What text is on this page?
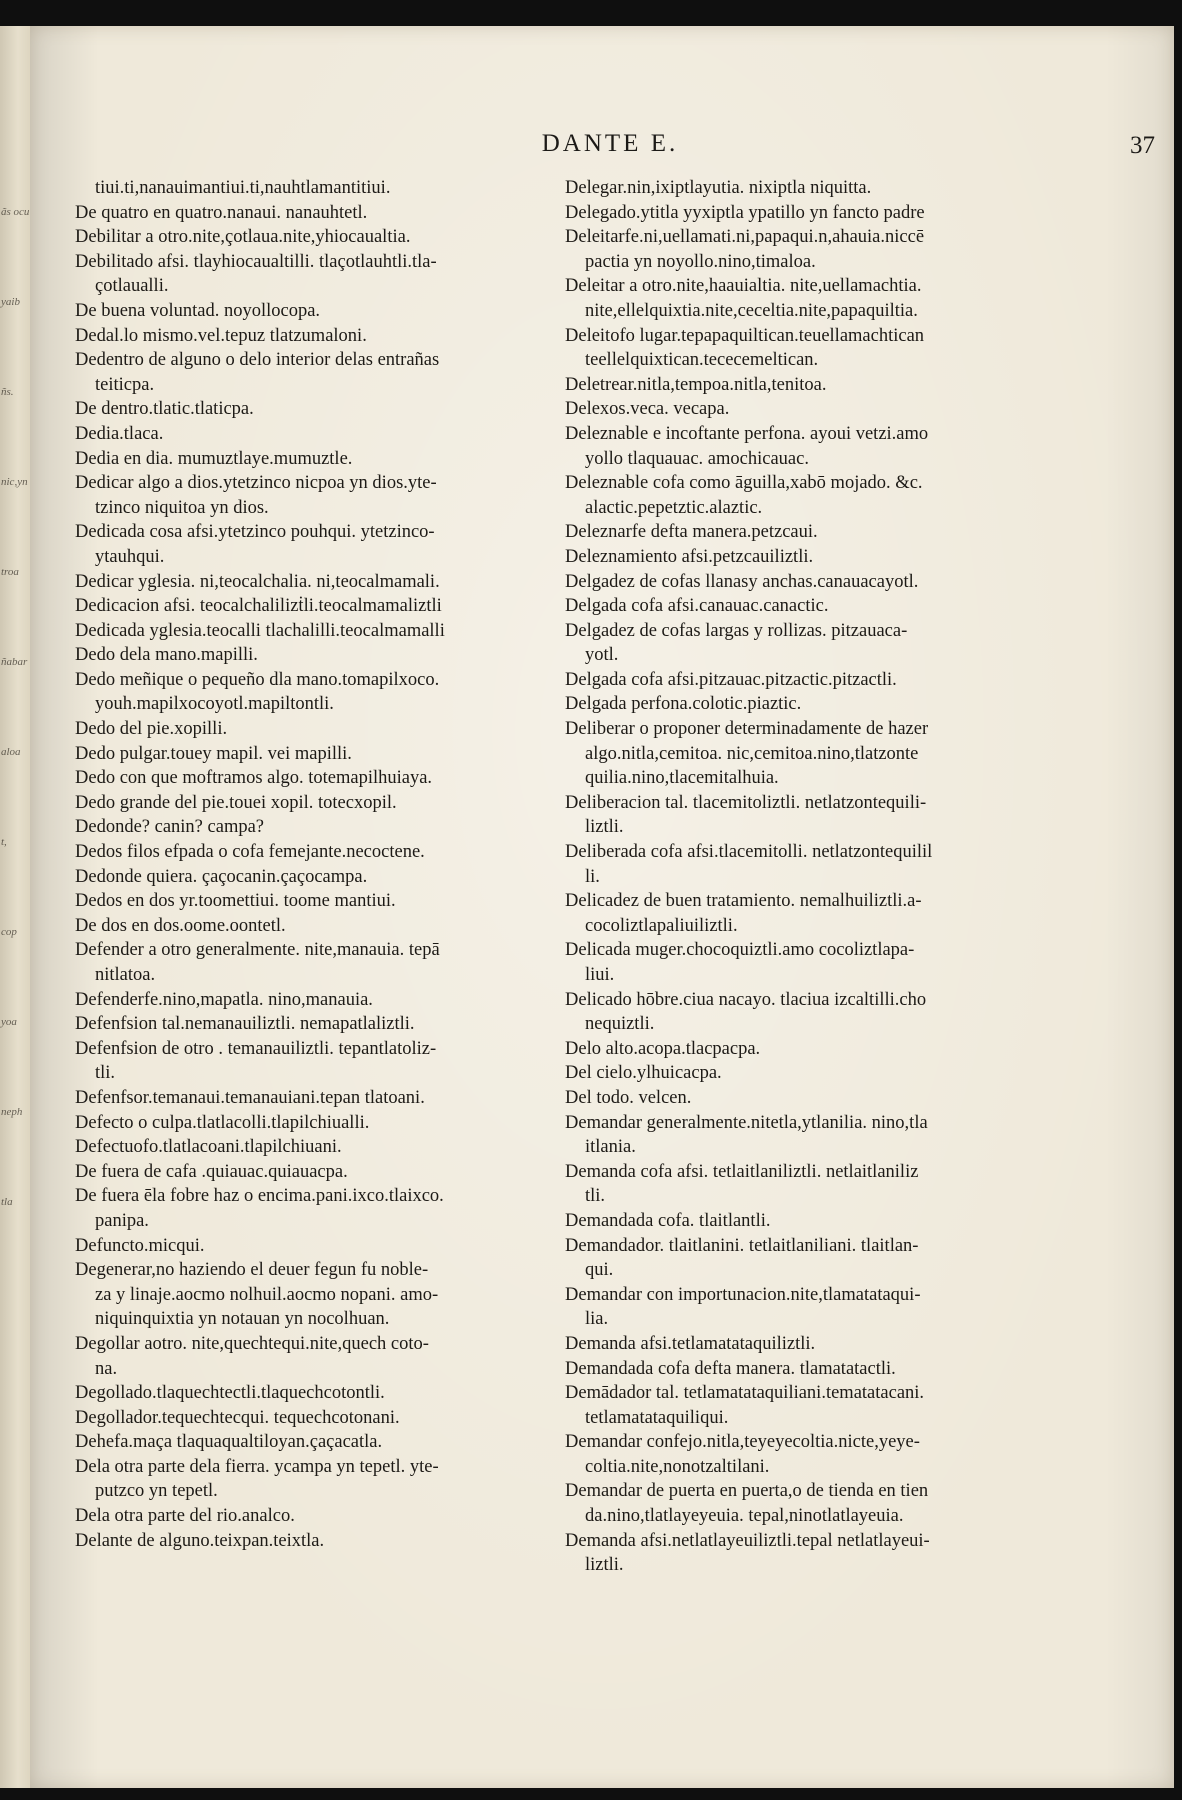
ãs ocu
yaib
ñs.
nic,yn
troa
ñabar
aloa
t,
cop
yoa
neph
tla
DANTE E.	37
tiui.ti,nanauimantiui.ti,nauhtlamantitiui.
De quatro en quatro.nanaui. nanauhtetl.
Debilitar a otro.nite,çotlaua.nite,yhiocaualtia.
Debilitado afsi. tlayhiocaualtilli. tlaçotlauhtli.tla-
çotlaualli.
De buena voluntad. noyollocopa.
Dedal.lo mismo.vel.tepuz tlatzumaloni.
Dedentro de alguno o delo interior delas entrañas
teiticpa.
De dentro.tlatic.tlaticpa.
Dedia.tlaca.
Dedia en dia. mumuztlaye.mumuztle.
Dedicar algo a dios.ytetzinco nicpoa yn dios.yte-
tzinco niquitoa yn dios.
Dedicada cosa afsi.ytetzinco pouhqui. ytetzinco-
ytauhqui.
Dedicar yglesia. ni,teocalchalia. ni,teocalmamali.
Dedicacion afsi. teocalchalilizṫli.teocalmamaliztli
Dedicada yglesia.teocalli tlachalilli.teocalmamalli
Dedo dela mano.mapilli.
Dedo meñique o pequeño dla mano.tomapilxoco.
youh.mapilxocoyotl.mapiltontli.
Dedo del pie.xopilli.
Dedo pulgar.touey mapil. vei mapilli.
Dedo con que moftramos algo. totemapilhuiaya.
Dedo grande del pie.touei xopil. totecxopil.
Dedonde? canin? campa?
Dedos filos efpada o cofa femejante.necoctene.
Dedonde quiera. çaçocanin.çaçocampa.
Dedos en dos yr.toomettiui. toome mantiui.
De dos en dos.oome.oontetl.
Defender a otro generalmente. nite,manauia. tepā
nitlatoa.
Defenderfe.nino,mapatla. nino,manauia.
Defenfsion tal.nemanauiliztli. nemapatlaliztli.
Defenfsion de otro . temanauiliztli. tepantlatoliz-
tli.
Defenfsor.temanaui.temanauiani.tepan tlatoani.
Defecto o culpa.tlatlacolli.tlapilchiualli.
Defectuofo.tlatlacoani.tlapilchiuani.
De fuera de cafa .quiauac.quiauacpa.
De fuera ēla fobre haz o encima.pani.ixco.tlaixco.
panipa.
Defuncto.micqui.
Degenerar,no haziendo el deuer fegun fu noble-
za y linaje.aocmo nolhuil.aocmo nopani. amo-
niquinquixtia yn notauan yn nocolhuan.
Degollar aotro. nite,quechtequi.nite,quech coto-
na.
Degollado.tlaquechtectli.tlaquechcotontli.
Degollador.tequechtecqui. tequechcotonani.
Dehefa.maça tlaquaqualtiloyan.çaçacatla.
Dela otra parte dela fierra. ycampa yn tepetl. yte-
putzco yn tepetl.
Dela otra parte del rio.analco.
Delante de alguno.teixpan.teixtla.
Delegar.nin,ixiptlayutia. nixiptla niquitta.
Delegado.ytitla yyxiptla ypatillo yn fancto padre
Deleitarfe.ni,uellamati.ni,papaqui.n,ahauia.niccē
pactia yn noyollo.nino,timaloa.
Deleitar a otro.nite,haauialtia. nite,uellamachtia.
nite,ellelquixtia.nite,ceceltia.nite,papaquiltia.
Deleitofo lugar.tepapaquiltican.teuellamachtican
teellelquixtican.tececemeltican.
Deletrear.nitla,tempoa.nitla,tenitoa.
Delexos.veca. vecapa.
Deleznable e incoftante perfona. ayoui vetzi.amo
yollo tlaquauac. amochicauac.
Deleznable cofa como āguilla,xabō mojado. &c.
alactic.pepetztic.alaztic.
Deleznarfe defta manera.petzcaui.
Deleznamiento afsi.petzcauiliztli.
Delgadez de cofas llanasy anchas.canauacayotl.
Delgada cofa afsi.canauac.canactic.
Delgadez de cofas largas y rollizas. pitzauaca-
yotl.
Delgada cofa afsi.pitzauac.pitzactic.pitzactli.
Delgada perfona.colotic.piaztic.
Deliberar o proponer determinadamente de hazer
algo.nitla,cemitoa. nic,cemitoa.nino,tlatzonte
quilia.nino,tlacemitalhuia.
Deliberacion tal. tlacemitoliztli. netlatzontequili-
liztli.
Deliberada cofa afsi.tlacemitolli. netlatzontequilil
li.
Delicadez de buen tratamiento. nemalhuiliztli.a-
cocoliztlapaliuiliztli.
Delicada muger.chocoquiztli.amo cocoliztlapa-
liui.
Delicado hōbre.ciua nacayo. tlaciua izcaltilli.cho
nequiztli.
Delo alto.acopa.tlacpacpa.
Del cielo.ylhuicacpa.
Del todo. velcen.
Demandar generalmente.nitetla,ytlanilia. nino,tla
itlania.
Demanda cofa afsi. tetlaitlaniliztli. netlaitlaniliz
tli.
Demandada cofa. tlaitlantli.
Demandador. tlaitlanini. tetlaitlaniliani. tlaitlan-
qui.
Demandar con importunacion.nite,tlamatataqui-
lia.
Demanda afsi.tetlamatataquiliztli.
Demandada cofa defta manera. tlamatatactli.
Demādador tal. tetlamatataquiliani.tematatacani.
tetlamatataquiliqui.
Demandar confejo.nitla,teyeyecoltia.nicte,yeye-
coltia.nite,nonotzaltilani.
Demandar de puerta en puerta,o de tienda en tien
da.nino,tlatlayeyeuia. tepal,ninotlatlayeuia.
Demanda afsi.netlatlayeuiliztli.tepal netlatlayeui-
liztli.
